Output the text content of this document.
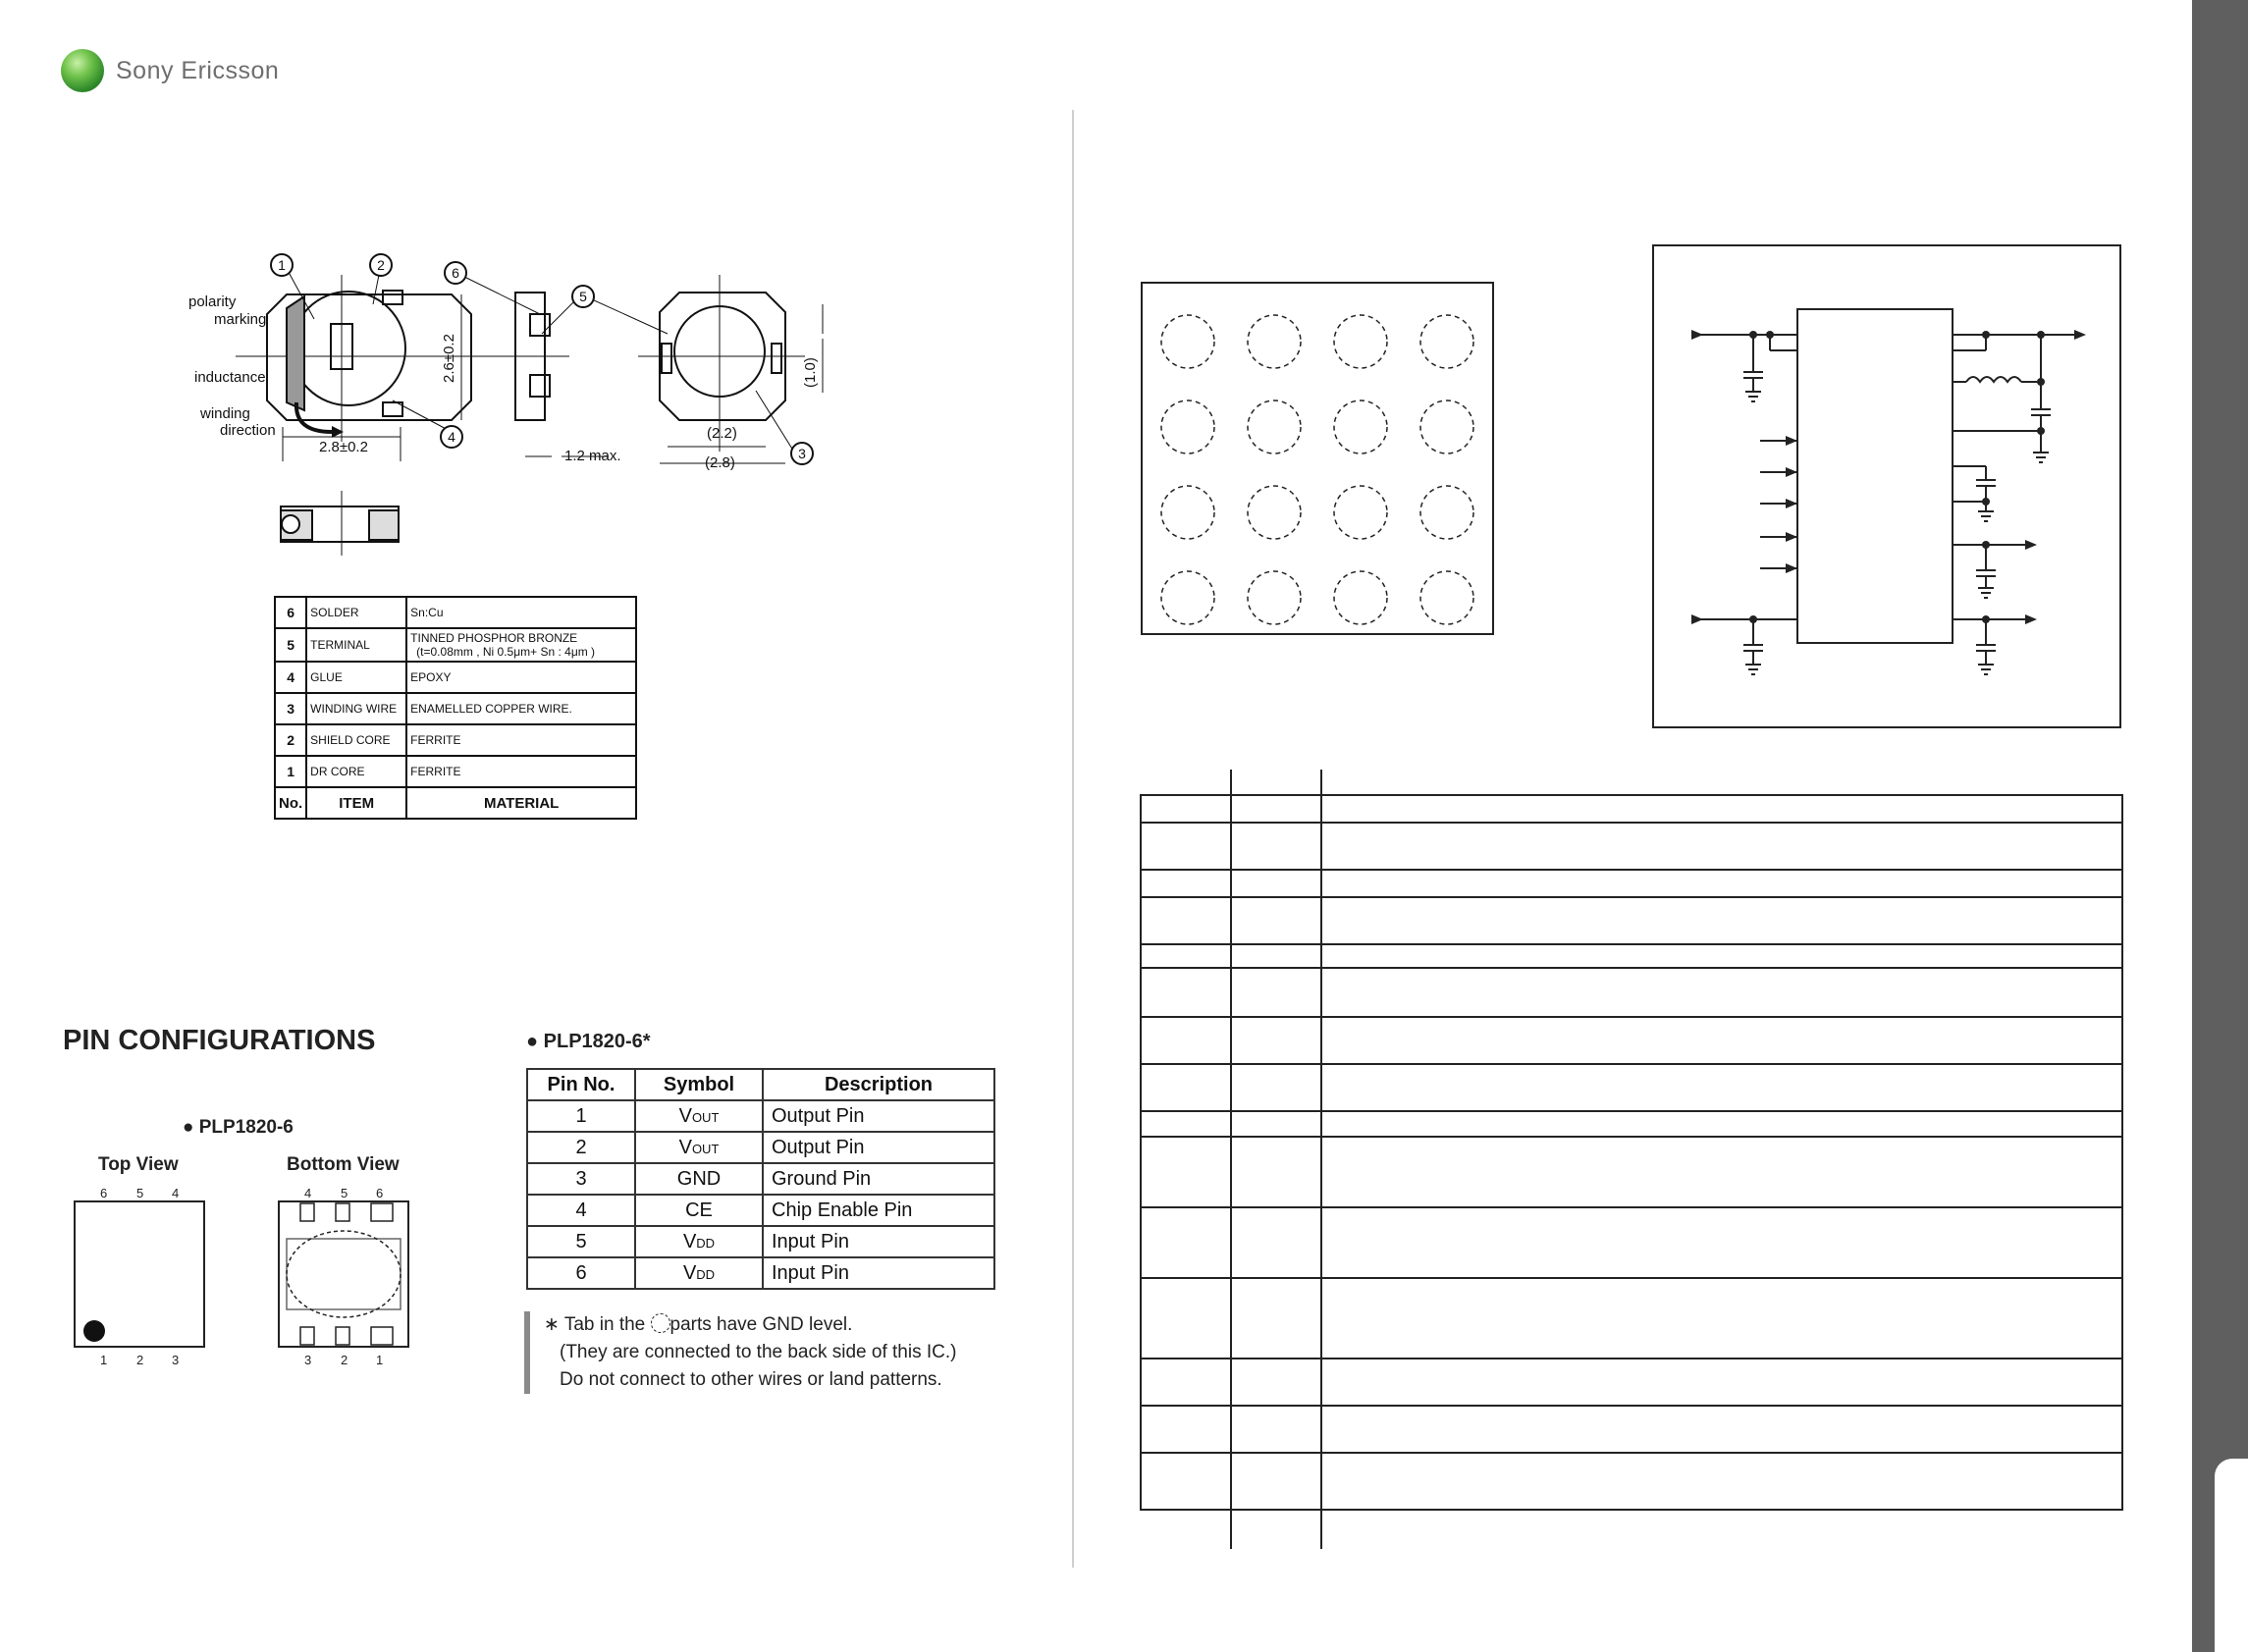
Sony Ericsson
1	2	6
5
4
3
polarity
marking
inductance
winding
direction
2.8±0.2
1.2 max.
(2.2)
(2.8)
2.6±0.2	(1.0)
6	SOLDER	Sn:Cu
5	TERMINAL	TINNED PHOSPHOR BRONZE
(t=0.08mm , Ni 0.5μm+ Sn : 4μm )

4	GLUE	EPOXY
3	WINDING WIRE	ENAMELLED COPPER WIRE.
2	SHIELD CORE	FERRITE
1	DR CORE	FERRITE
No.	ITEM	MATERIAL
PIN CONFIGURATIONS
● PLP1820-6
Top View	Bottom View
6 5 4
1 2 3
4 5 6
3 2 1
● PLP1820-6*
Pin No.	Symbol	Description
1	VOUT	Output Pin
2	VOUT	Output Pin
3	GND	Ground Pin
4	CE	Chip Enable Pin
5	VDD	Input Pin
6	VDD	Input Pin
∗ Tab in the parts have GND level.
(They are connected to the back side of this IC.)
Do not connect to other wires or land patterns.
